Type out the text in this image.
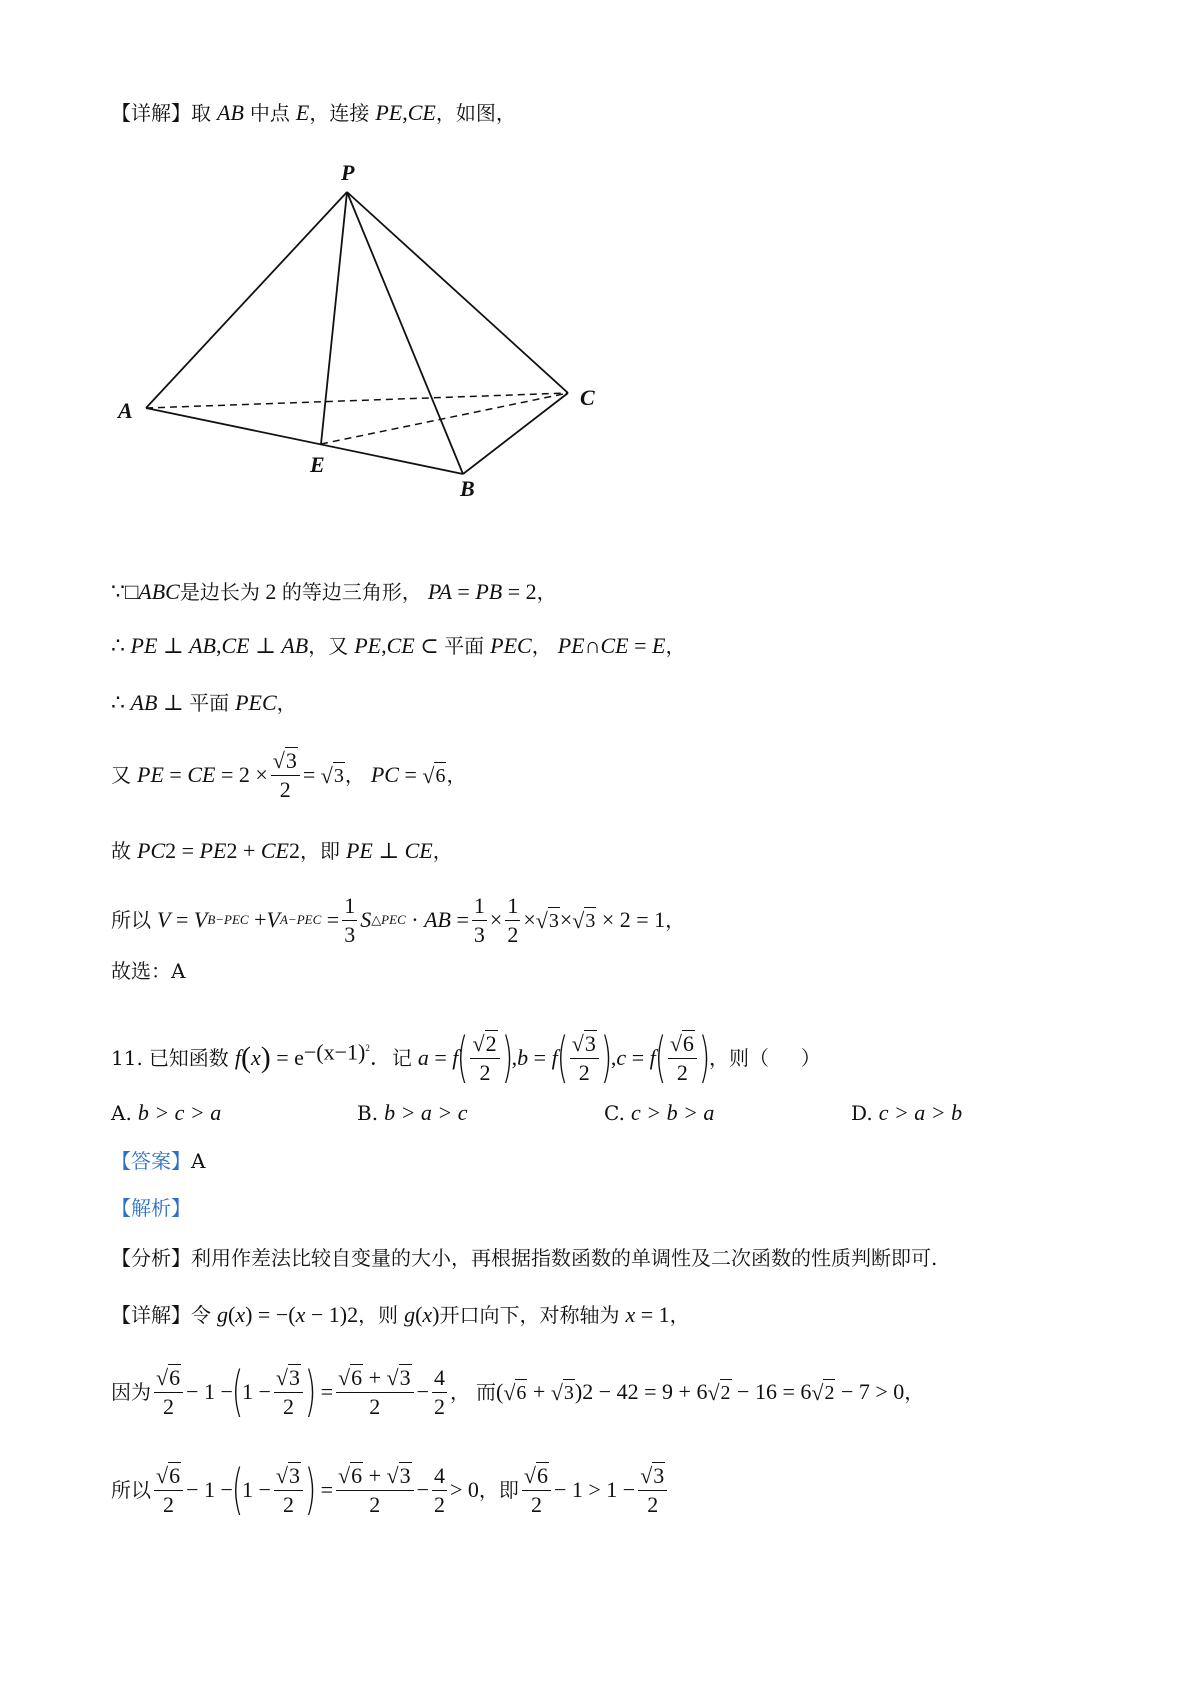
【详解】 取 AB 中点 E ，连接 PE , CE ，如图，
P
A
C
E
B
∵□ ABC 是边长为 2 的等边三角形， PA = PB = 2 ，
∴ PE ⊥ AB , CE ⊥ AB ，又 PE , CE ⊂ 平面 PEC ， PE ∩ CE = E ，
∴ AB ⊥ 平面 PEC ，
又 PE = CE = $2 \times \frac{√ 3}{2}$ = √ 3 ， PC = √ 6 ，
故 PC 2 = PE 2 + CE 2 ，即 PE ⊥ CE ，
所以 V = V B−PEC + V $A-PEC = \frac{1}{3}$ S △PEC · AB = $\frac{1}{3} \times \frac{1}{2}$ × √ 3 × √ 3 × 2 = 1 ，
故选：A
11. 已知函数 f ( x ) = $e^{-(x-1)^2}$ ． 记 a = f
( $\frac{√ 2}{2}$ )
, b = f
( $\frac{√ 3}{2}$ )
, c = f
( $\frac{√ 6}{2}$ )
，则（     ）
A. b > c > a	B. b > a > c	C. c > b > a	D. c > a > b
【答案】 A
【解析】
【分析】 利用作差法比较自变量的大小，再根据指数函数的单调性及二次函数的性质判断即可.
【详解】 令 g ( x ) = −( x − 1) 2 ，则 g ( x ) 开口向下，对称轴为 x = 1 ，
因为 $\frac{√ 6}{2} - 1$ −
(
$1 - \frac{√ 3}{2}$ )
= $\frac{√ 6 + √ 3}{2} - \frac{4}{2}$ ， 而 ( √ 6 + √ 3 ) 2 − 4 2 = 9 + 6 √ 2 − 16 = 6 √ 2 − 7 > 0 ，
所以 $\frac{√ 6}{2} - 1$ −
(
$1 - \frac{√ 3}{2}$ )
= $\frac{√ 6 + √ 3}{2} - \frac{4}{2} > 0$ ，即 $\frac{√ 6}{2} - 1 > 1 - \frac{√ 3}{2}$
